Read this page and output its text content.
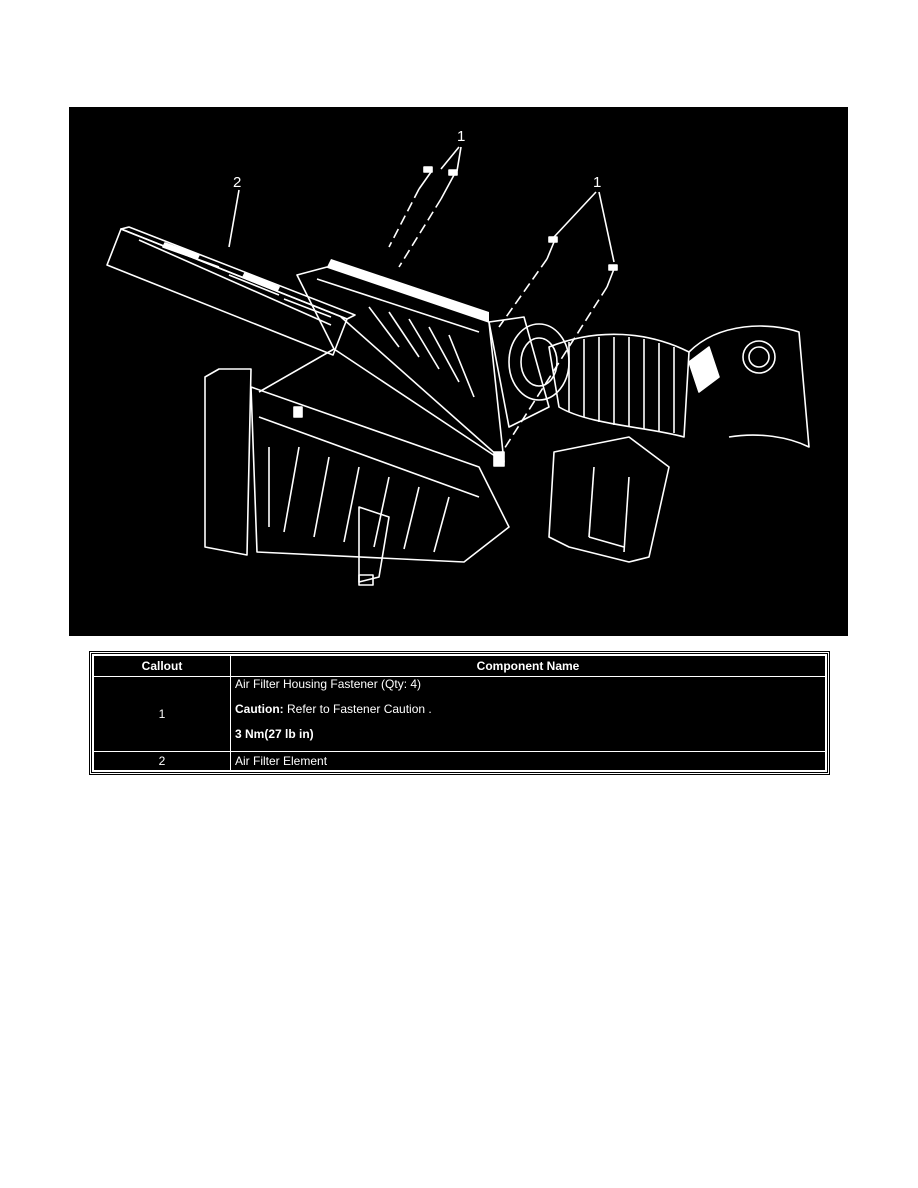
1
1
2
Callout	Component Name
1	Air Filter Housing Fastener (Qty: 4)
Caution: Refer to Fastener Caution .
3 Nm(27 lb in)

2	Air Filter Element
